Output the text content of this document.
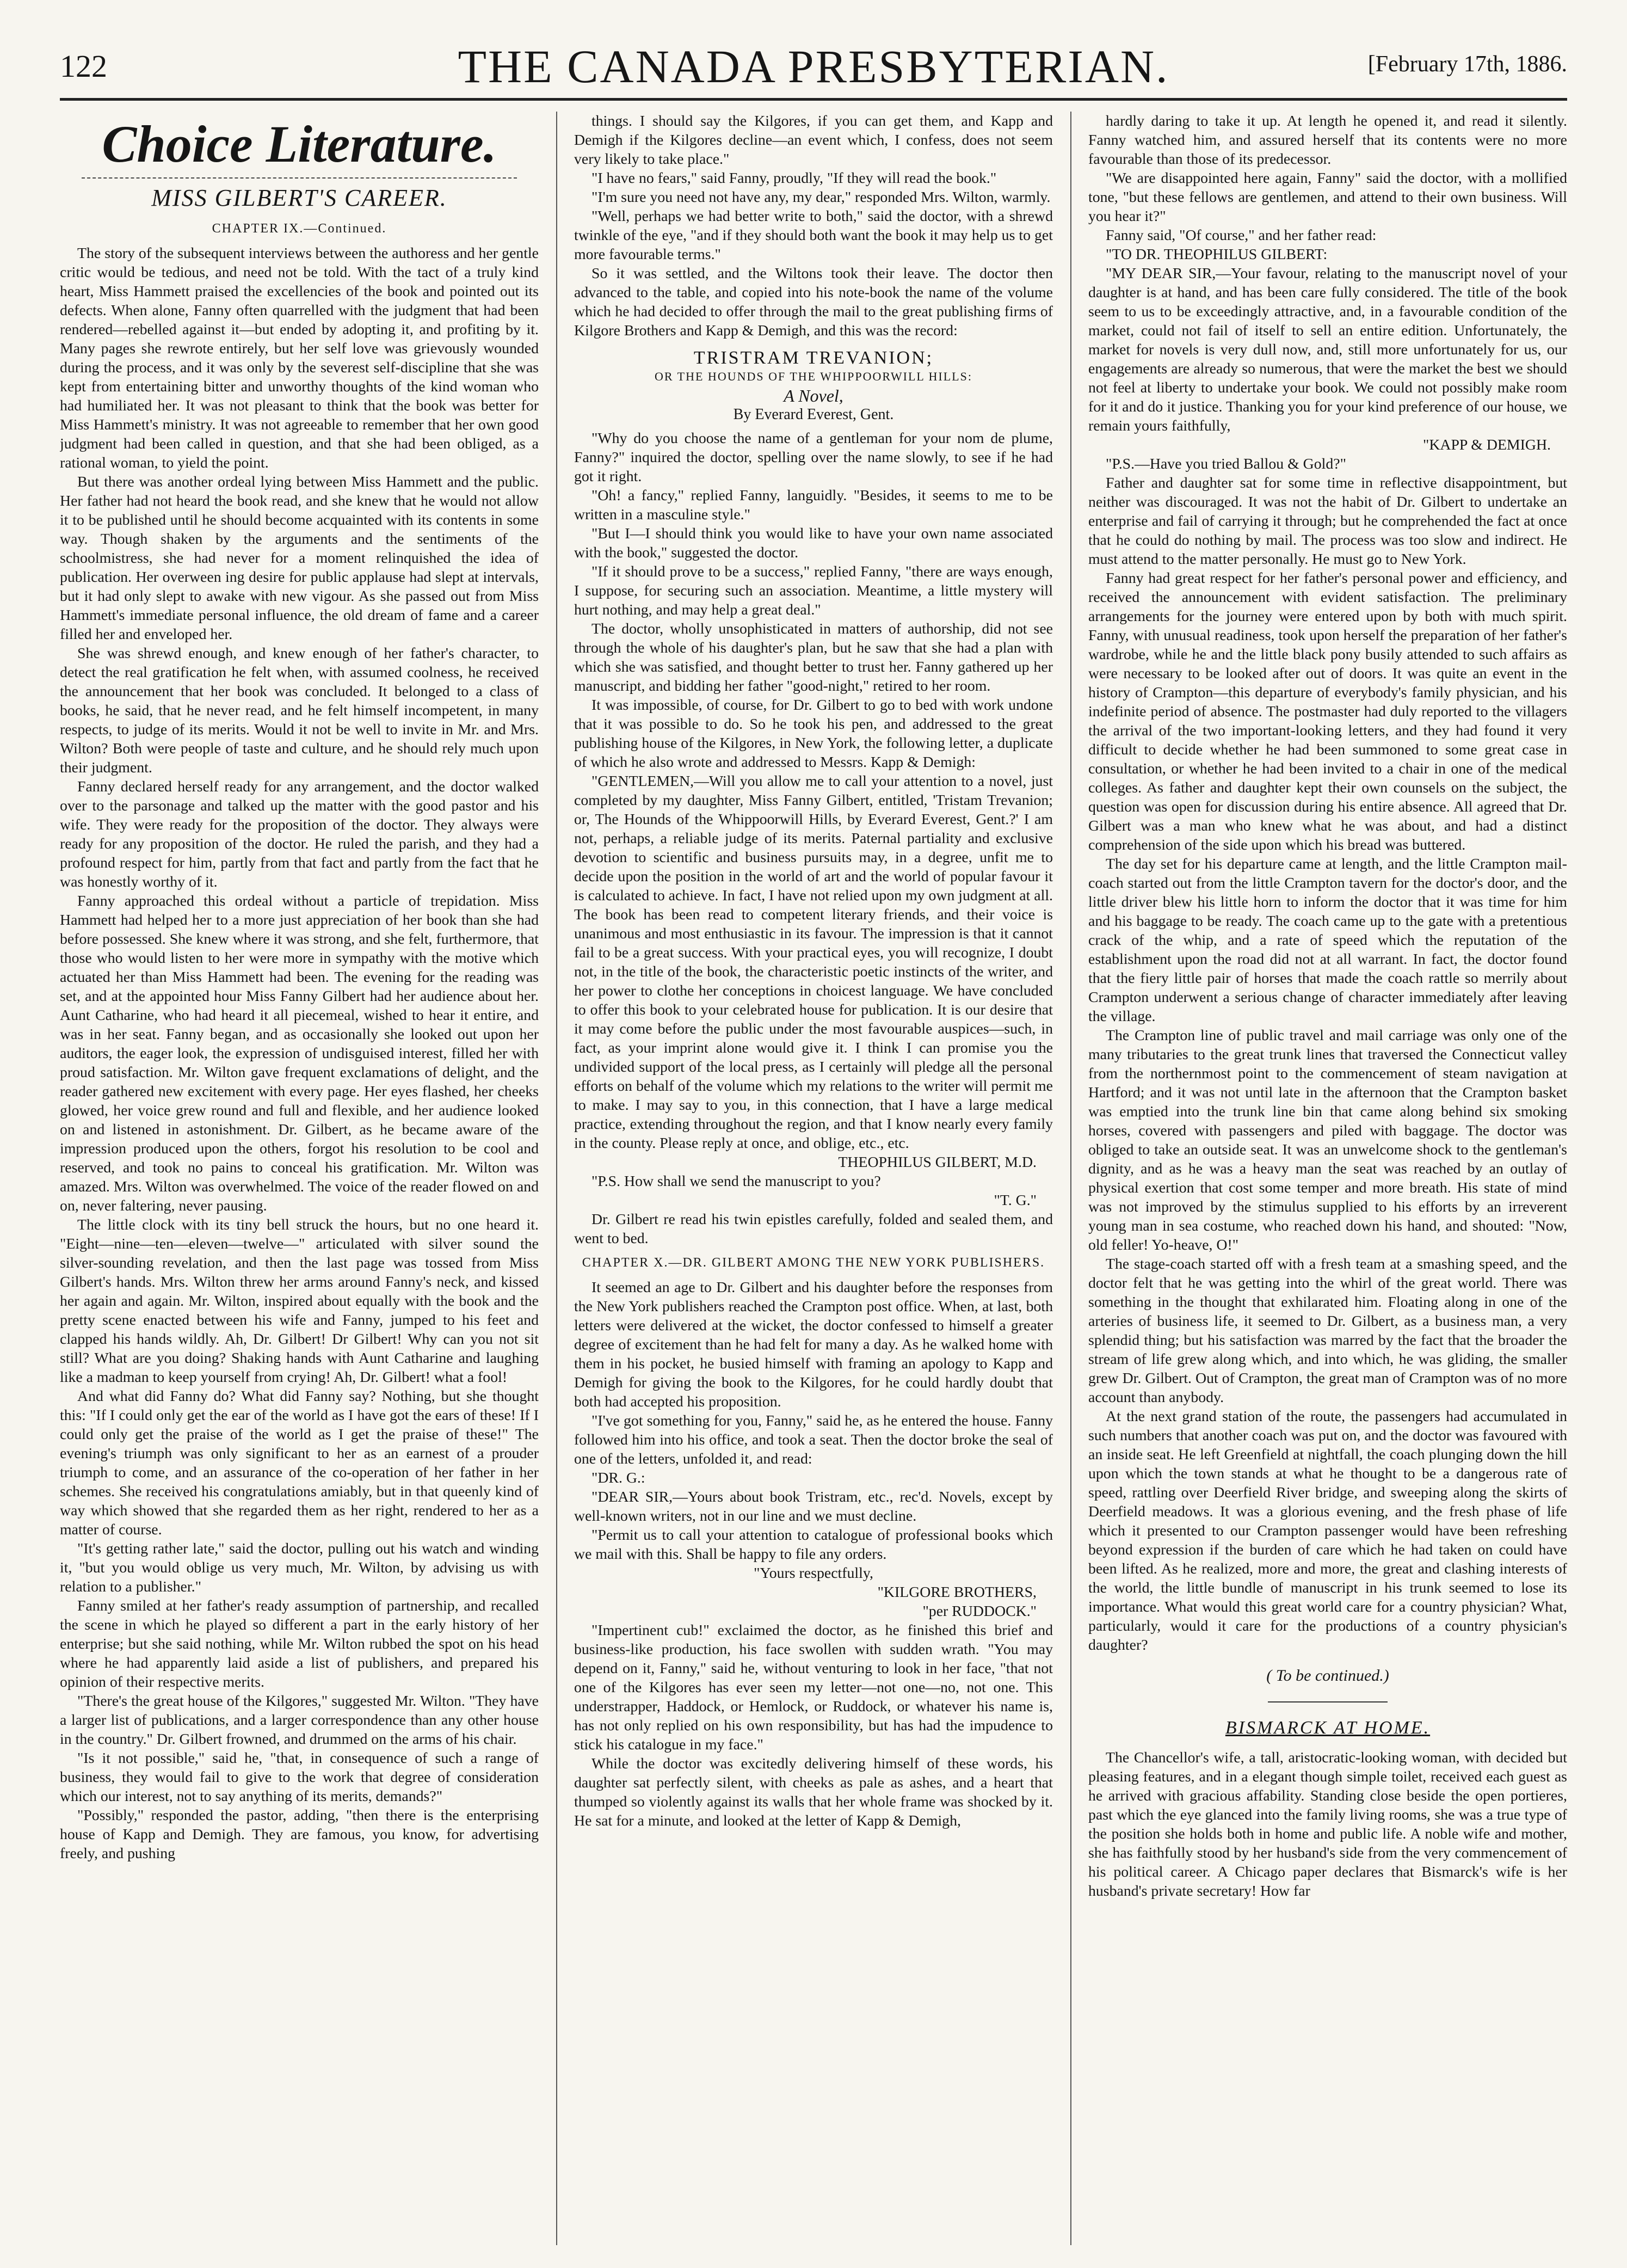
122	THE CANADA PRESBYTERIAN.	[February 17th, 1886.
Choice Literature.
MISS GILBERT'S CAREER.
CHAPTER IX.—Continued.

The story of the subsequent interviews between the authoress and her gentle critic would be tedious, and need not be told. With the tact of a truly kind heart, Miss Hammett praised the excellencies of the book and pointed out its defects. When alone, Fanny often quarrelled with the judgment that had been rendered—rebelled against it—but ended by adopting it, and profiting by it. Many pages she rewrote entirely, but her self love was grievously wounded during the process, and it was only by the severest self-discipline that she was kept from entertaining bitter and unworthy thoughts of the kind woman who had humiliated her. It was not pleasant to think that the book was better for Miss Hammett's ministry. It was not agreeable to remember that her own good judgment had been called in question, and that she had been obliged, as a rational woman, to yield the point.

But there was another ordeal lying between Miss Hammett and the public. Her father had not heard the book read, and she knew that he would not allow it to be published until he should become acquainted with its contents in some way. Though shaken by the arguments and the sentiments of the schoolmistress, she had never for a moment relinquished the idea of publication. Her overween ing desire for public applause had slept at intervals, but it had only slept to awake with new vigour. As she passed out from Miss Hammett's immediate personal influence, the old dream of fame and a career filled her and enveloped her.

She was shrewd enough, and knew enough of her father's character, to detect the real gratification he felt when, with assumed coolness, he received the announcement that her book was concluded. It belonged to a class of books, he said, that he never read, and he felt himself incompetent, in many respects, to judge of its merits. Would it not be well to invite in Mr. and Mrs. Wilton? Both were people of taste and culture, and he should rely much upon their judgment.

Fanny declared herself ready for any arrangement, and the doctor walked over to the parsonage and talked up the matter with the good pastor and his wife. They were ready for the proposition of the doctor. They always were ready for any proposition of the doctor. He ruled the parish, and they had a profound respect for him, partly from that fact and partly from the fact that he was honestly worthy of it.

Fanny approached this ordeal without a particle of trepidation. Miss Hammett had helped her to a more just appreciation of her book than she had before possessed. She knew where it was strong, and she felt, furthermore, that those who would listen to her were more in sympathy with the motive which actuated her than Miss Hammett had been. The evening for the reading was set, and at the appointed hour Miss Fanny Gilbert had her audience about her. Aunt Catharine, who had heard it all piecemeal, wished to hear it entire, and was in her seat. Fanny began, and as occasionally she looked out upon her auditors, the eager look, the expression of undisguised interest, filled her with proud satisfaction. Mr. Wilton gave frequent exclamations of delight, and the reader gathered new excitement with every page. Her eyes flashed, her cheeks glowed, her voice grew round and full and flexible, and her audience looked on and listened in astonishment. Dr. Gilbert, as he became aware of the impression produced upon the others, forgot his resolution to be cool and reserved, and took no pains to conceal his gratification. Mr. Wilton was amazed. Mrs. Wilton was overwhelmed. The voice of the reader flowed on and on, never faltering, never pausing.

The little clock with its tiny bell struck the hours, but no one heard it. "Eight—nine—ten—eleven—twelve—" articulated with silver sound the silver-sounding revelation, and then the last page was tossed from Miss Gilbert's hands. Mrs. Wilton threw her arms around Fanny's neck, and kissed her again and again. Mr. Wilton, inspired about equally with the book and the pretty scene enacted between his wife and Fanny, jumped to his feet and clapped his hands wildly. Ah, Dr. Gilbert! Dr Gilbert! Why can you not sit still? What are you doing? Shaking hands with Aunt Catharine and laughing like a madman to keep yourself from crying! Ah, Dr. Gilbert! what a fool!

And what did Fanny do? What did Fanny say? Nothing, but she thought this: "If I could only get the ear of the world as I have got the ears of these! If I could only get the praise of the world as I get the praise of these!" The evening's triumph was only significant to her as an earnest of a prouder triumph to come, and an assurance of the co-operation of her father in her schemes. She received his congratulations amiably, but in that queenly kind of way which showed that she regarded them as her right, rendered to her as a matter of course.

"It's getting rather late," said the doctor, pulling out his watch and winding it, "but you would oblige us very much, Mr. Wilton, by advising us with relation to a publisher."

Fanny smiled at her father's ready assumption of partnership, and recalled the scene in which he played so different a part in the early history of her enterprise; but she said nothing, while Mr. Wilton rubbed the spot on his head where he had apparently laid aside a list of publishers, and prepared his opinion of their respective merits.

"There's the great house of the Kilgores," suggested Mr. Wilton. "They have a larger list of publications, and a larger correspondence than any other house in the country." Dr. Gilbert frowned, and drummed on the arms of his chair.

"Is it not possible," said he, "that, in consequence of such a range of business, they would fail to give to the work that degree of consideration which our interest, not to say anything of its merits, demands?"

"Possibly," responded the pastor, adding, "then there is the enterprising house of Kapp and Demigh. They are famous, you know, for advertising freely, and pushing

things. I should say the Kilgores, if you can get them, and Kapp and Demigh if the Kilgores decline—an event which, I confess, does not seem very likely to take place."

"I have no fears," said Fanny, proudly, "If they will read the book."

"I'm sure you need not have any, my dear," responded Mrs. Wilton, warmly.

"Well, perhaps we had better write to both," said the doctor, with a shrewd twinkle of the eye, "and if they should both want the book it may help us to get more favourable terms."

So it was settled, and the Wiltons took their leave. The doctor then advanced to the table, and copied into his note-book the name of the volume which he had decided to offer through the mail to the great publishing firms of Kilgore Brothers and Kapp & Demigh, and this was the record:

TRISTRAM TREVANION;
OR THE HOUNDS OF THE WHIPPOORWILL HILLS:
A Novel,
By Everard Everest, Gent.

"Why do you choose the name of a gentleman for your nom de plume, Fanny?" inquired the doctor, spelling over the name slowly, to see if he had got it right.

"Oh! a fancy," replied Fanny, languidly. "Besides, it seems to me to be written in a masculine style."

"But I—I should think you would like to have your own name associated with the book," suggested the doctor.

"If it should prove to be a success," replied Fanny, "there are ways enough, I suppose, for securing such an association. Meantime, a little mystery will hurt nothing, and may help a great deal."

The doctor, wholly unsophisticated in matters of authorship, did not see through the whole of his daughter's plan, but he saw that she had a plan with which she was satisfied, and thought better to trust her. Fanny gathered up her manuscript, and bidding her father "good-night," retired to her room.

It was impossible, of course, for Dr. Gilbert to go to bed with work undone that it was possible to do. So he took his pen, and addressed to the great publishing house of the Kilgores, in New York, the following letter, a duplicate of which he also wrote and addressed to Messrs. Kapp & Demigh:

"GENTLEMEN,—Will you allow me to call your attention to a novel, just completed by my daughter, Miss Fanny Gilbert, entitled, 'Tristam Trevanion; or, The Hounds of the Whippoorwill Hills, by Everard Everest, Gent.?' I am not, perhaps, a reliable judge of its merits. Paternal partiality and exclusive devotion to scientific and business pursuits may, in a degree, unfit me to decide upon the position in the world of art and the world of popular favour it is calculated to achieve. In fact, I have not relied upon my own judgment at all. The book has been read to competent literary friends, and their voice is unanimous and most enthusiastic in its favour. The impression is that it cannot fail to be a great success. With your practical eyes, you will recognize, I doubt not, in the title of the book, the characteristic poetic instincts of the writer, and her power to clothe her conceptions in choicest language. We have concluded to offer this book to your celebrated house for publication. It is our desire that it may come before the public under the most favourable auspices—such, in fact, as your imprint alone would give it. I think I can promise you the undivided support of the local press, as I certainly will pledge all the personal efforts on behalf of the volume which my relations to the writer will permit me to make. I may say to you, in this connection, that I have a large medical practice, extending throughout the region, and that I know nearly every family in the county. Please reply at once, and oblige, etc., etc.

THEOPHILUS GILBERT, M.D.

"P.S. How shall we send the manuscript to you?

"T. G."

Dr. Gilbert re read his twin epistles carefully, folded and sealed them, and went to bed.

CHAPTER X.—DR. GILBERT AMONG THE NEW YORK PUBLISHERS.

It seemed an age to Dr. Gilbert and his daughter before the responses from the New York publishers reached the Crampton post office. When, at last, both letters were delivered at the wicket, the doctor confessed to himself a greater degree of excitement than he had felt for many a day. As he walked home with them in his pocket, he busied himself with framing an apology to Kapp and Demigh for giving the book to the Kilgores, for he could hardly doubt that both had accepted his proposition.

"I've got something for you, Fanny," said he, as he entered the house. Fanny followed him into his office, and took a seat. Then the doctor broke the seal of one of the letters, unfolded it, and read:

"DR. G.:

"DEAR SIR,—Yours about book Tristram, etc., rec'd. Novels, except by well-known writers, not in our line and we must decline.

"Permit us to call your attention to catalogue of professional books which we mail with this. Shall be happy to file any orders.

"Yours respectfully,
"KILGORE BROTHERS,
"per RUDDOCK."

"Impertinent cub!" exclaimed the doctor, as he finished this brief and business-like production, his face swollen with sudden wrath. "You may depend on it, Fanny," said he, without venturing to look in her face, "that not one of the Kilgores has ever seen my letter—not one—no, not one. This understrapper, Haddock, or Hemlock, or Ruddock, or whatever his name is, has not only replied on his own responsibility, but has had the impudence to stick his catalogue in my face."

While the doctor was excitedly delivering himself of these words, his daughter sat perfectly silent, with cheeks as pale as ashes, and a heart that thumped so violently against its walls that her whole frame was shocked by it. He sat for a minute, and looked at the letter of Kapp & Demigh,

hardly daring to take it up. At length he opened it, and read it silently. Fanny watched him, and assured herself that its contents were no more favourable than those of its predecessor.

"We are disappointed here again, Fanny" said the doctor, with a mollified tone, "but these fellows are gentlemen, and attend to their own business. Will you hear it?"

Fanny said, "Of course," and her father read:

"TO DR. THEOPHILUS GILBERT:

"MY DEAR SIR,—Your favour, relating to the manuscript novel of your daughter is at hand, and has been care fully considered. The title of the book seem to us to be exceedingly attractive, and, in a favourable condition of the market, could not fail of itself to sell an entire edition. Unfortunately, the market for novels is very dull now, and, still more unfortunately for us, our engagements are already so numerous, that were the market the best we should not feel at liberty to undertake your book. We could not possibly make room for it and do it justice. Thanking you for your kind preference of our house, we remain yours faithfully,

"KAPP & DEMIGH.

"P.S.—Have you tried Ballou & Gold?"

Father and daughter sat for some time in reflective disappointment, but neither was discouraged. It was not the habit of Dr. Gilbert to undertake an enterprise and fail of carrying it through; but he comprehended the fact at once that he could do nothing by mail. The process was too slow and indirect. He must attend to the matter personally. He must go to New York.

Fanny had great respect for her father's personal power and efficiency, and received the announcement with evident satisfaction. The preliminary arrangements for the journey were entered upon by both with much spirit. Fanny, with unusual readiness, took upon herself the preparation of her father's wardrobe, while he and the little black pony busily attended to such affairs as were necessary to be looked after out of doors. It was quite an event in the history of Crampton—this departure of everybody's family physician, and his indefinite period of absence. The postmaster had duly reported to the villagers the arrival of the two important-looking letters, and they had found it very difficult to decide whether he had been summoned to some great case in consultation, or whether he had been invited to a chair in one of the medical colleges. As father and daughter kept their own counsels on the subject, the question was open for discussion during his entire absence. All agreed that Dr. Gilbert was a man who knew what he was about, and had a distinct comprehension of the side upon which his bread was buttered.

The day set for his departure came at length, and the little Crampton mail-coach started out from the little Crampton tavern for the doctor's door, and the little driver blew his little horn to inform the doctor that it was time for him and his baggage to be ready. The coach came up to the gate with a pretentious crack of the whip, and a rate of speed which the reputation of the establishment upon the road did not at all warrant. In fact, the doctor found that the fiery little pair of horses that made the coach rattle so merrily about Crampton underwent a serious change of character immediately after leaving the village.

The Crampton line of public travel and mail carriage was only one of the many tributaries to the great trunk lines that traversed the Connecticut valley from the northernmost point to the commencement of steam navigation at Hartford; and it was not until late in the afternoon that the Crampton basket was emptied into the trunk line bin that came along behind six smoking horses, covered with passengers and piled with baggage. The doctor was obliged to take an outside seat. It was an unwelcome shock to the gentleman's dignity, and as he was a heavy man the seat was reached by an outlay of physical exertion that cost some temper and more breath. His state of mind was not improved by the stimulus supplied to his efforts by an irreverent young man in sea costume, who reached down his hand, and shouted: "Now, old feller! Yo-heave, O!"

The stage-coach started off with a fresh team at a smashing speed, and the doctor felt that he was getting into the whirl of the great world. There was something in the thought that exhilarated him. Floating along in one of the arteries of business life, it seemed to Dr. Gilbert, as a business man, a very splendid thing; but his satisfaction was marred by the fact that the broader the stream of life grew along which, and into which, he was gliding, the smaller grew Dr. Gilbert. Out of Crampton, the great man of Crampton was of no more account than anybody.

At the next grand station of the route, the passengers had accumulated in such numbers that another coach was put on, and the doctor was favoured with an inside seat. He left Greenfield at nightfall, the coach plunging down the hill upon which the town stands at what he thought to be a dangerous rate of speed, rattling over Deerfield River bridge, and sweeping along the skirts of Deerfield meadows. It was a glorious evening, and the fresh phase of life which it presented to our Crampton passenger would have been refreshing beyond expression if the burden of care which he had taken on could have been lifted. As he realized, more and more, the great and clashing interests of the world, the little bundle of manuscript in his trunk seemed to lose its importance. What would this great world care for a country physician? What, particularly, would it care for the productions of a country physician's daughter?

( To be continued.)
BISMARCK AT HOME.

The Chancellor's wife, a tall, aristocratic-looking woman, with decided but pleasing features, and in a elegant though simple toilet, received each guest as he arrived with gracious affability. Standing close beside the open portieres, past which the eye glanced into the family living rooms, she was a true type of the position she holds both in home and public life. A noble wife and mother, she has faithfully stood by her husband's side from the very commencement of his political career. A Chicago paper declares that Bismarck's wife is her husband's private secretary! How far
